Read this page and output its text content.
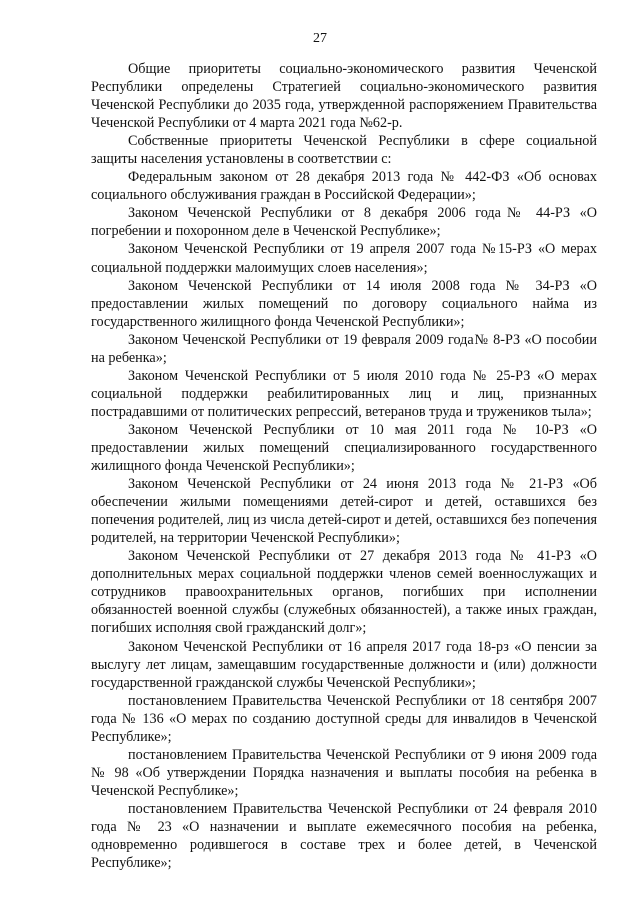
27

Общие приоритеты социально-экономического развития Чеченской Республики определены Стратегией социально-экономического развития Чеченской Республики до 2035 года, утвержденной распоряжением Правительства Чеченской Республики от 4 марта 2021 года №62-р.

Собственные приоритеты Чеченской Республики в сфере социальной защиты населения установлены в соответствии с:

Федеральным законом от 28 декабря 2013 года № 442-ФЗ «Об основах социального обслуживания граждан в Российской Федерации»;

Законом Чеченской Республики от 8 декабря 2006 года№ 44-РЗ «О погребении и похоронном деле в Чеченской Республике»;

Законом Чеченской Республики от 19 апреля 2007 года №15-РЗ «О мерах социальной поддержки малоимущих слоев населения»;

Законом Чеченской Республики от 14 июля 2008 года № 34-РЗ «О предоставлении жилых помещений по договору социального найма из государственного жилищного фонда Чеченской Республики»;

Законом Чеченской Республики от 19 февраля 2009 года№ 8-РЗ «О пособии на ребенка»;

Законом Чеченской Республики от 5 июля 2010 года № 25-РЗ «О мерах социальной поддержки реабилитированных лиц и лиц, признанных пострадавшими от политических репрессий, ветеранов труда и тружеников тыла»;

Законом Чеченской Республики от 10 мая 2011 года № 10-РЗ «О предоставлении жилых помещений специализированного государственного жилищного фонда Чеченской Республики»;

Законом Чеченской Республики от 24 июня 2013 года № 21-РЗ «Об обеспечении жилыми помещениями детей-сирот и детей, оставшихся без попечения родителей, лиц из числа детей-сирот и детей, оставшихся без попечения родителей, на территории Чеченской Республики»;

Законом Чеченской Республики от 27 декабря 2013 года № 41-РЗ «О дополнительных мерах социальной поддержки членов семей военнослужащих и сотрудников правоохранительных органов, погибших при исполнении обязанностей военной службы (служебных обязанностей), а также иных граждан, погибших исполняя свой гражданский долг»;

Законом Чеченской Республики от 16 апреля 2017 года 18-рз «О пенсии за выслугу лет лицам, замещавшим государственные должности и (или) должности государственной гражданской службы Чеченской Республики»;

постановлением Правительства Чеченской Республики от 18 сентября 2007 года № 136 «О мерах по созданию доступной среды для инвалидов в Чеченской Республике»;

постановлением Правительства Чеченской Республики от 9 июня 2009 года № 98 «Об утверждении Порядка назначения и выплаты пособия на ребенка в Чеченской Республике»;

постановлением Правительства Чеченской Республики от 24 февраля 2010 года № 23 «О назначении и выплате ежемесячного пособия на ребенка, одновременно родившегося в составе трех и более детей, в Чеченской Республике»;
